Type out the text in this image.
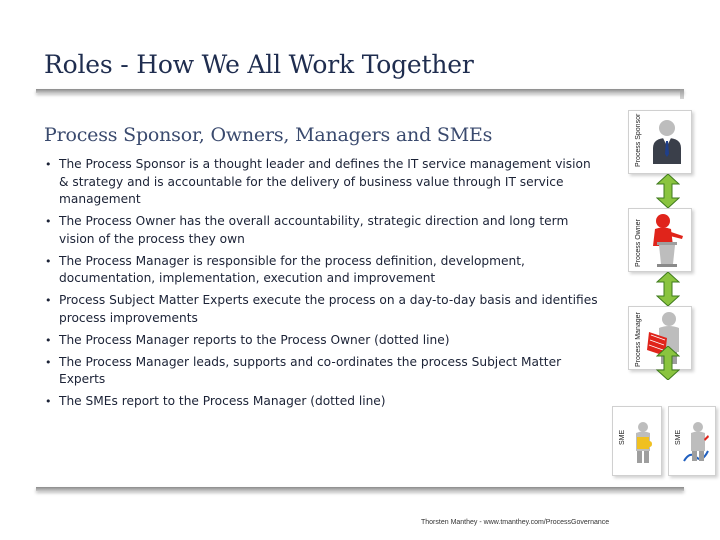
Roles - How We All Work Together
Process Sponsor, Owners, Managers and SMEs
• The Process Sponsor is a thought leader and defines the IT service management vision & strategy and is accountable for the delivery of business value through IT service management
• The Process Owner has the overall accountability, strategic direction and long term vision of the process they own
• The Process Manager is responsible for the process definition, development, documentation, implementation, execution and improvement
• Process Subject Matter Experts execute the process on a day-to-day basis and identifies process improvements
• The Process Manager reports to the Process Owner (dotted line)
• The Process Manager leads, supports and co-ordinates the process Subject Matter Experts
• The SMEs report to the Process Manager (dotted line)
Process Sponsor
Process Owner
Process Manager
SME	SME
Thorsten Manthey - www.tmanthey.com/ProcessGovernance
